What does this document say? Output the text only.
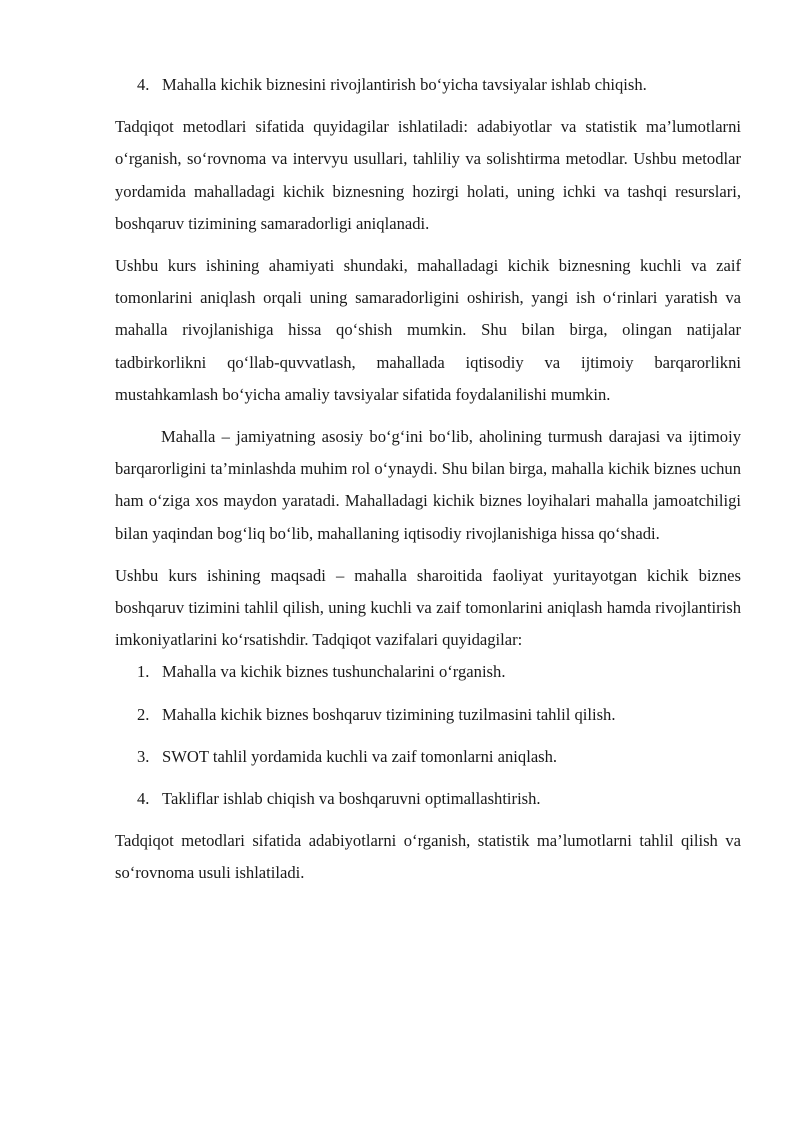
4. Mahalla kichik biznesini rivojlantirish bo‘yicha tavsiyalar ishlab chiqish.

Tadqiqot metodlari sifatida quyidagilar ishlatiladi: adabiyotlar va statistik ma’lumotlarni o‘rganish, so‘rovnoma va intervyu usullari, tahliliy va solishtirma metodlar. Ushbu metodlar yordamida mahalladagi kichik biznesning hozirgi holati, uning ichki va tashqi resurslari, boshqaruv tizimining samaradorligi aniqlanadi.

Ushbu kurs ishining ahamiyati shundaki, mahalladagi kichik biznesning kuchli va zaif tomonlarini aniqlash orqali uning samaradorligini oshirish, yangi ish o‘rinlari yaratish va mahalla rivojlanishiga hissa qo‘shish mumkin. Shu bilan birga, olingan natijalar tadbirkorlikni qo‘llab-quvvatlash, mahallada iqtisodiy va ijtimoiy barqarorlikni mustahkamlash bo‘yicha amaliy tavsiyalar sifatida foydalanilishi mumkin.

Mahalla – jamiyatning asosiy bo‘g‘ini bo‘lib, aholining turmush darajasi va ijtimoiy barqarorligini ta’minlashda muhim rol o‘ynaydi. Shu bilan birga, mahalla kichik biznes uchun ham o‘ziga xos maydon yaratadi. Mahalladagi kichik biznes loyihalari mahalla jamoatchiligi bilan yaqindan bog‘liq bo‘lib, mahallaning iqtisodiy rivojlanishiga hissa qo‘shadi.

Ushbu kurs ishining maqsadi – mahalla sharoitida faoliyat yuritayotgan kichik biznes boshqaruv tizimini tahlil qilish, uning kuchli va zaif tomonlarini aniqlash hamda rivojlantirish imkoniyatlarini ko‘rsatishdir. Tadqiqot vazifalari quyidagilar:

1. Mahalla va kichik biznes tushunchalarini o‘rganish.
2. Mahalla kichik biznes boshqaruv tizimining tuzilmasini tahlil qilish.
3. SWOT tahlil yordamida kuchli va zaif tomonlarni aniqlash.
4. Takliflar ishlab chiqish va boshqaruvni optimallashtirish.

Tadqiqot metodlari sifatida adabiyotlarni o‘rganish, statistik ma’lumotlarni tahlil qilish va so‘rovnoma usuli ishlatiladi.
